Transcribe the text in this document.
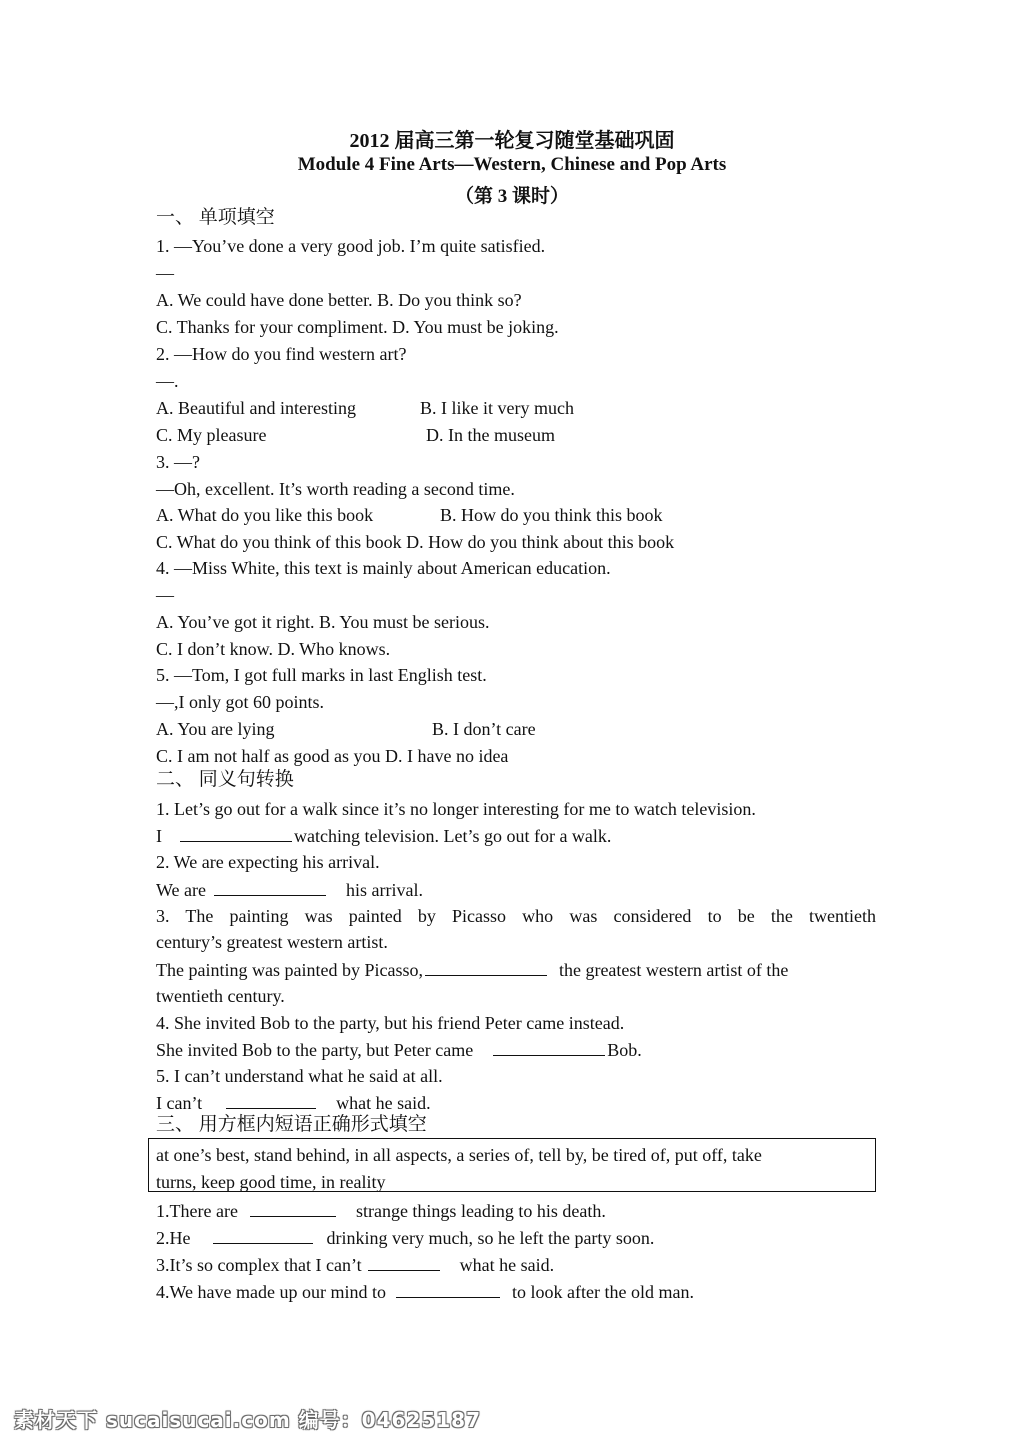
2012 届高三第一轮复习随堂基础巩固
Module 4 Fine Arts—Western, Chinese and Pop Arts
（第 3 课时）
一、 单项填空
1. —You’ve done a very good job. I’m quite satisfied.
—
A. We could have done better. B. Do you think so?
C. Thanks for your compliment. D. You must be joking.
2. —How do you find western art?
—.
A. Beautiful and interesting	B. I like it very much
C. My pleasure	D. In the museum
3. —?
—Oh, excellent. It’s worth reading a second time.
A. What do you like this book	B. How do you think this book
C. What do you think of this book D. How do you think about this book
4. —Miss White, this text is mainly about American education.
—
A. You’ve got it right. B. You must be serious.
C. I don’t know. D. Who knows.
5. —Tom, I got full marks in last English test.
—,I only got 60 points.
A. You are lying	B. I don’t care
C. I am not half as good as you D. I have no idea
二、 同义句转换
1. Let’s go out for a walk since it’s no longer interesting for me to watch television.
I	watching television. Let’s go out for a walk.
2. We are expecting his arrival.
We are	his arrival.
3. The painting was painted by Picasso who was considered to be the twentieth
century’s greatest western artist.
The painting was painted by Picasso,	the greatest western artist of the
twentieth century.
4. She invited Bob to the party, but his friend Peter came instead.
She invited Bob to the party, but Peter came	Bob.
5. I can’t understand what he said at all.
I can’t	what he said.
三、 用方框内短语正确形式填空
at one’s best, stand behind, in all aspects, a series of, tell by, be tired of, put off, take
turns, keep good time, in reality
1.There are	strange things leading to his death.
2.He	drinking very much, so he left the party soon.
3.It’s so complex that I can’t	what he said.
4.We have made up our mind to	to look after the old man.
素材天下 sucaisucai.com 编号：04625187
